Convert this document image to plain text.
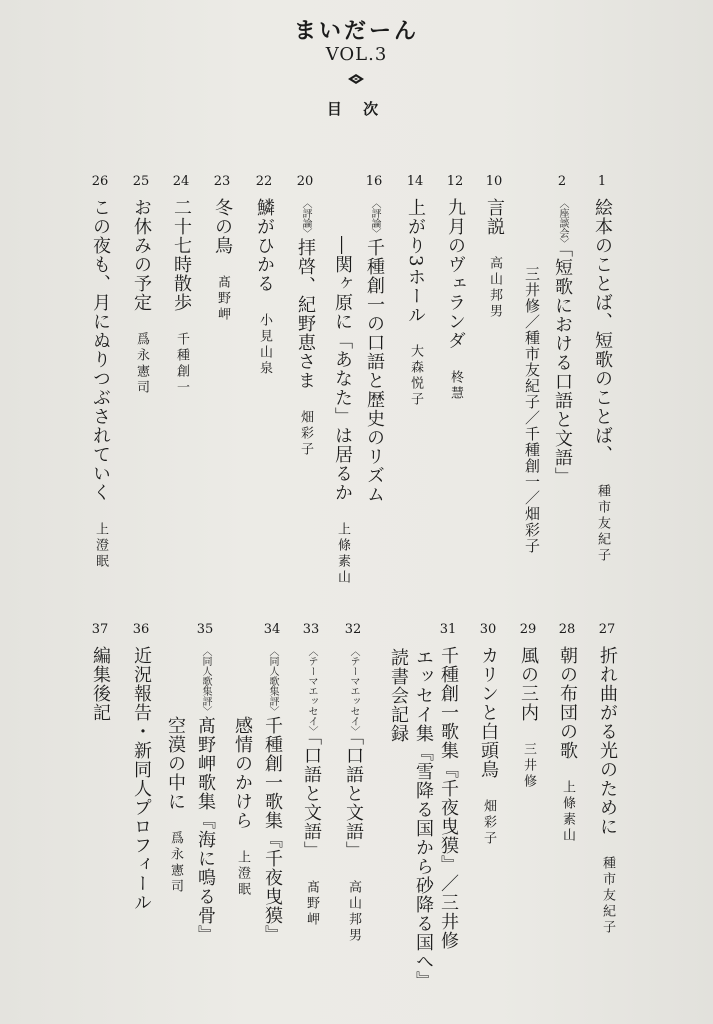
まいだーん
VOL.3
目 次
1
絵本のことば、短歌のことば、種市友紀子
2
〈座談会〉「短歌における口語と文語」
三井修／種市友紀子／千種創一／畑彩子
10
言説高山邦男
12
九月のヴェランダ柊慧
14
上がり3ホール大森悦子
16
〈評論〉千種創一の口語と歴史のリズム
―関ヶ原に「あなた」は居るか上條素山
20
〈評論〉拝啓、紀野恵さま畑彩子
22
鱗がひかる小見山泉
23
冬の鳥髙野岬
24
二十七時散歩千種創一
25
お休みの予定爲永憲司
26
この夜も、月にぬりつぶされていく上澄眠
27
折れ曲がる光のために種市友紀子
28
朝の布団の歌上條素山
29
風の三内三井修
30
カリンと白頭鳥畑彩子
31
千種創一歌集『千夜曳獏』／三井修
エッセイ集『雪降る国から砂降る国へ』
読書会記録
32
〈テーマエッセイ〉「口語と文語」高山邦男
33
〈テーマエッセイ〉「口語と文語」髙野岬
34
〈同人歌集評〉千種創一歌集『千夜曳獏』
感情のかけら上澄眠
35
〈同人歌集評〉髙野岬歌集『海に鳴る骨』
空漠の中に爲永憲司
36
近況報告・新同人プロフィール
37
編集後記
